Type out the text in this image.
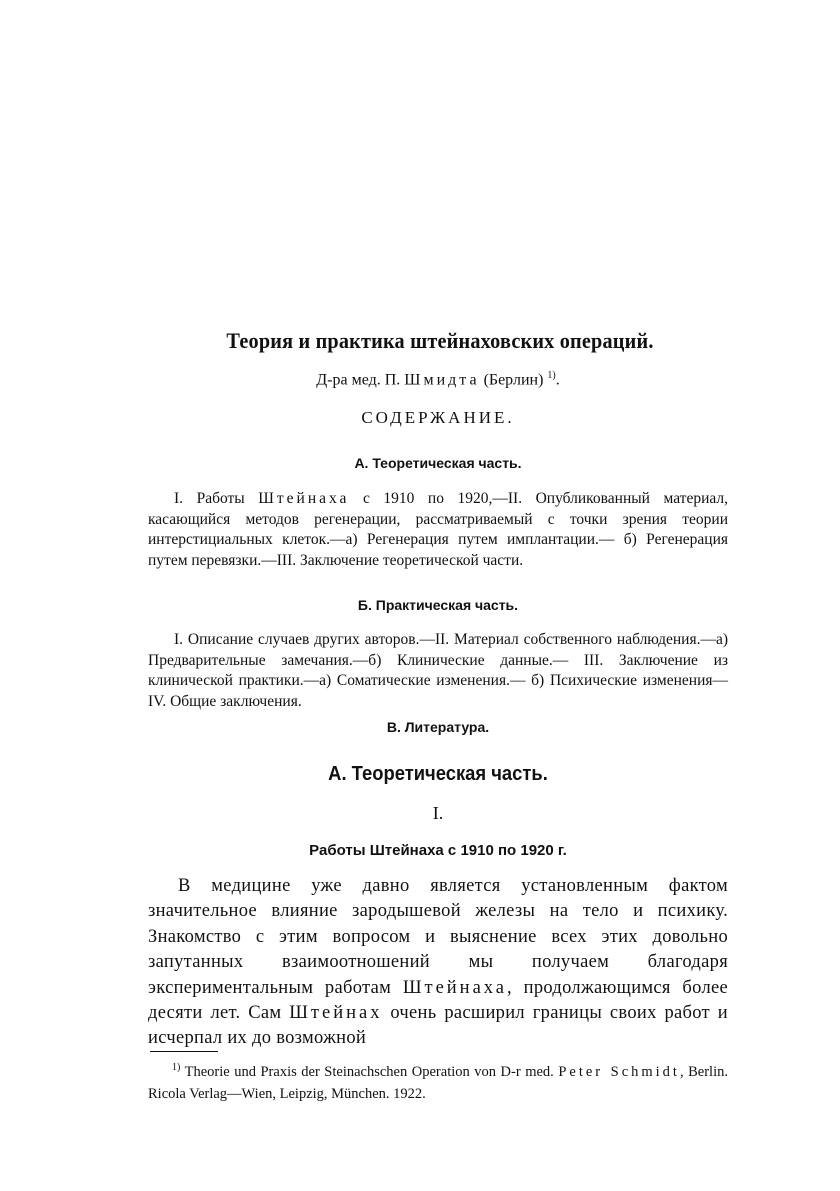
Теория и практика штейнаховских операций.
Д-ра мед. П. Шмидта (Берлин) $^{1)}$.
СОДЕРЖАНИЕ.
А. Теоретическая часть.
I. Работы Штейнаха с 1910 по 1920,—II. Опубликованный материал, касающийся методов регенерации, рассматриваемый с точки зрения теории интерстициальных клеток.—а) Регенерация путем имплантации.— б) Регенерация путем перевязки.—III. Заключение теоретической части.
Б. Практическая часть.
I. Описание случаев других авторов.—II. Материал собственного наблюдения.—а) Предварительные замечания.—б) Клинические данные.— III. Заключение из клинической практики.—а) Соматические изменения.— б) Психические изменения—IV. Общие заключения.
В. Литература.
А. Теоретическая часть.
I.
Работы Штейнаха с 1910 по 1920 г.
В медицине уже давно является установленным фактом значительное влияние зародышевой железы на тело и психику. Знакомство с этим вопросом и выяснение всех этих довольно запутанных взаимоотношений мы получаем благодаря экспериментальным работам Штейнаха, продолжающимся более десяти лет. Сам Штейнах очень расширил границы своих работ и исчерпал их до возможной
$^{1)}$ Theorie und Praxis der Steinachschen Operation von D-r med. Peter Schmidt, Berlin. Ricola Verlag—Wien, Leipzig, München. 1922.
